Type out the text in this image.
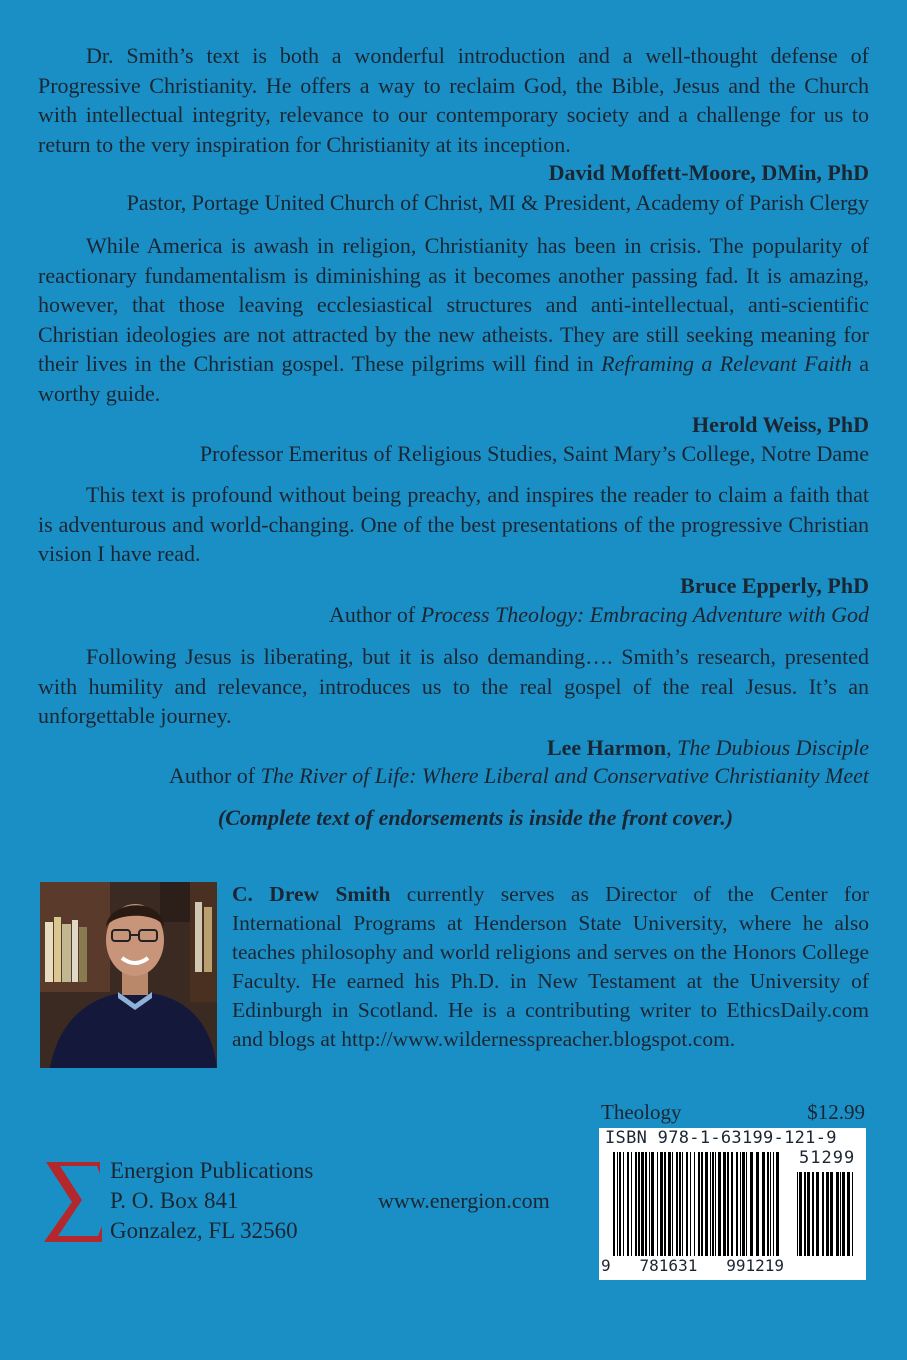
Dr. Smith’s text is both a wonderful introduction and a well-thought defense of Progressive Christianity. He offers a way to reclaim God, the Bible, Jesus and the Church with intellectual integrity, relevance to our contemporary society and a challenge for us to return to the very inspiration for Christianity at its inception.

David Moffett-Moore, DMin, PhD
Pastor, Portage United Church of Christ, MI & President, Academy of Parish Clergy

While America is awash in religion, Christianity has been in crisis. The popularity of reactionary fundamentalism is diminishing as it becomes another passing fad. It is amazing, however, that those leaving ecclesiastical structures and anti-intellectual, anti-scientific Christian ideologies are not attracted by the new atheists. They are still seeking meaning for their lives in the Christian gospel. These pilgrims will find in Reframing a Relevant Faith a worthy guide.

Herold Weiss, PhD
Professor Emeritus of Religious Studies, Saint Mary’s College, Notre Dame

This text is profound without being preachy, and inspires the reader to claim a faith that is adventurous and world-changing. One of the best presentations of the progressive Christian vision I have read.

Bruce Epperly, PhD
Author of Process Theology: Embracing Adventure with God

Following Jesus is liberating, but it is also demanding…. Smith’s research, presented with humility and relevance, introduces us to the real gospel of the real Jesus. It’s an unforgettable journey.

Lee Harmon, The Dubious Disciple
Author of The River of Life: Where Liberal and Conservative Christianity Meet
(Complete text of endorsements is inside the front cover.)

C. Drew Smith currently serves as Director of the Center for International Programs at Henderson State University, where he also teaches philosophy and world religions and serves on the Honors College Faculty. He earned his Ph.D. in New Testament at the University of Edinburgh in Scotland. He is a contributing writer to EthicsDaily.com and blogs at http://www.wildernesspreacher.blogspot.com.

Energion Publications
P. O. Box 841
Gonzalez, FL 32560
www.energion.com
Theology	$12.99
ISBN 978-1-63199-121-9
51299
9   781631   991219
